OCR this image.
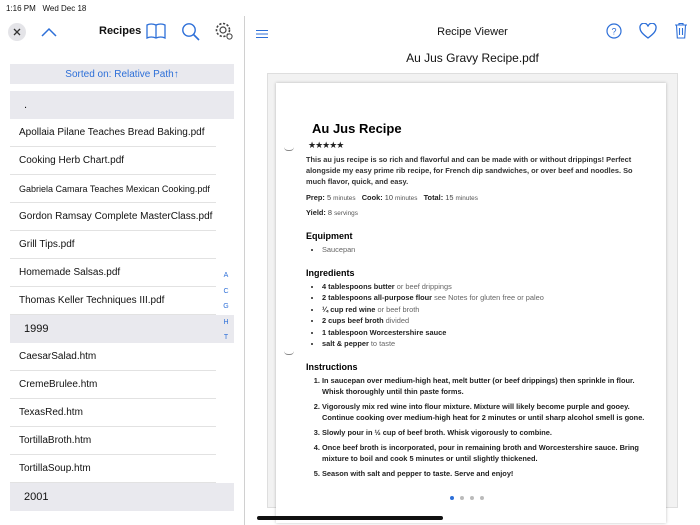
1:16 PM Wed Dec 18
Recipes
Sorted on: Relative Path↑
.
Apollaia Pilane Teaches Bread Baking.pdf
Cooking Herb Chart.pdf
Gabriela Camara Teaches Mexican Cooking.pdf
Gordon Ramsay Complete MasterClass.pdf
Grill Tips.pdf
Homemade Salsas.pdf
Thomas Keller Techniques III.pdf
1999
CaesarSalad.htm
CremeBrulee.htm
TexasRed.htm
TortillaBroth.htm
TortillaSoup.htm
2001
A
C
G
H
T
Recipe Viewer	?
Au Jus Gravy Recipe.pdf
Au Jus Recipe
★★★★★
This au jus recipe is so rich and flavorful and can be made with or without drippings! Perfect alongside my easy prime rib recipe, for French dip sandwiches, or over beef and noodles. So much flavor, quick, and easy.
Prep: 5 minutes Cook: 10 minutes Total: 15 minutes
Yield: 8 servings
Equipment
• Saucepan
Ingredients
• 4 tablespoons butter or beef drippings
• 2 tablespoons all-purpose flour see Notes for gluten free or paleo
• ¼ cup red wine or beef broth
• 2 cups beef broth divided
• 1 tablespoon Worcestershire sauce
• salt & pepper to taste
Instructions
1. In saucepan over medium-high heat, melt butter (or beef drippings) then sprinkle in flour. Whisk thoroughly until thin paste forms.
2. Vigorously mix red wine into flour mixture. Mixture will likely become purple and gooey. Continue cooking over medium-high heat for 2 minutes or until sharp alcohol smell is gone.
3. Slowly pour in ½ cup of beef broth. Whisk vigorously to combine.
4. Once beef broth is incorporated, pour in remaining broth and Worcestershire sauce. Bring mixture to boil and cook 5 minutes or until slightly thickened.
5. Season with salt and pepper to taste. Serve and enjoy!
